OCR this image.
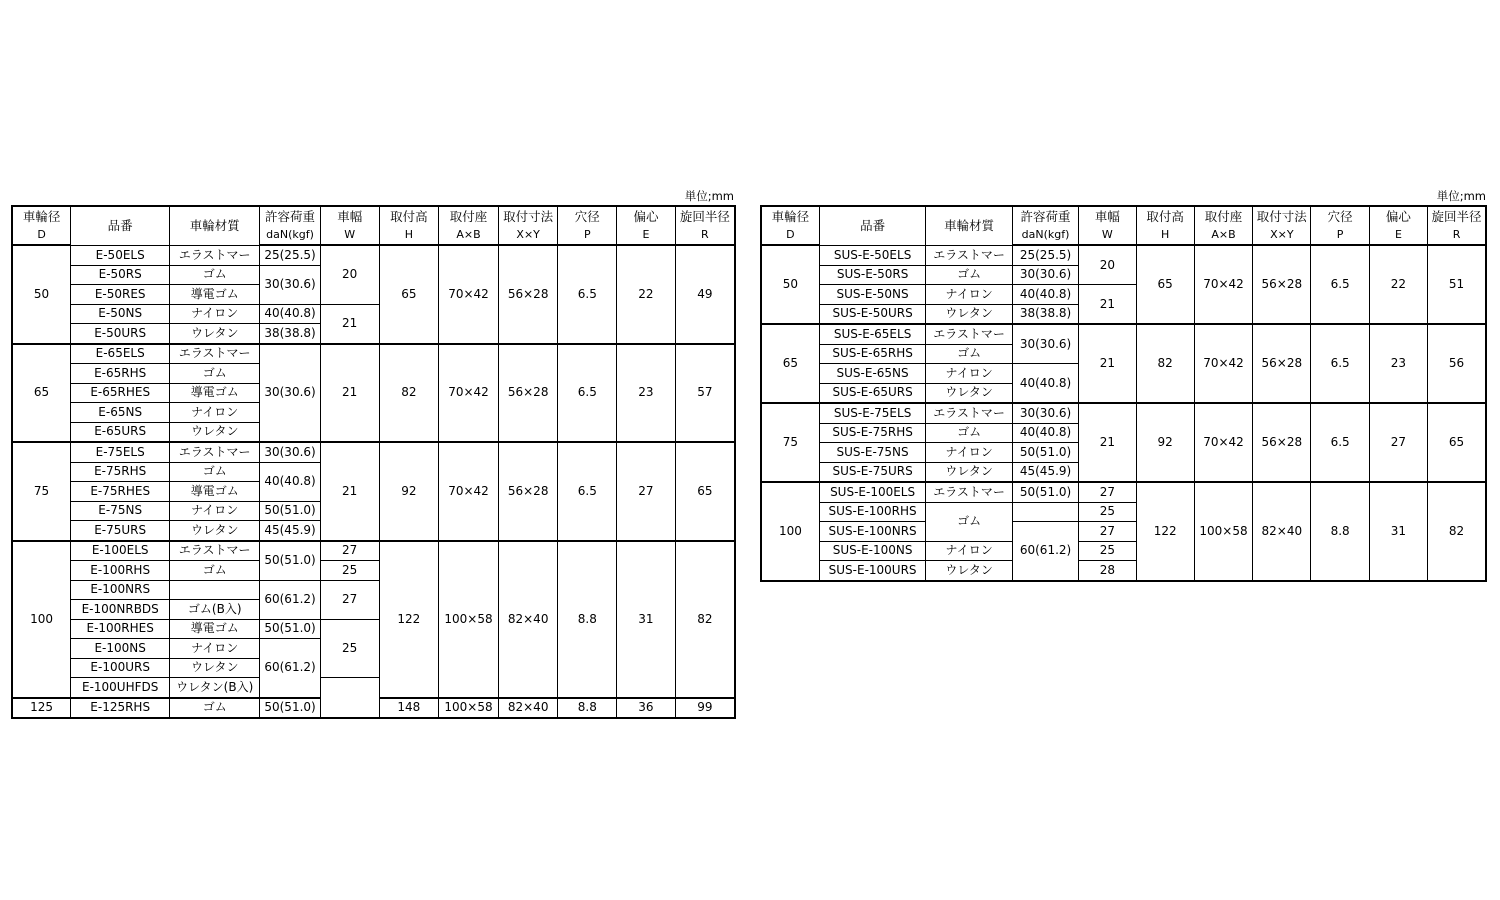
単位;mm
車輪径	品番	車輪材質	許容荷重	車幅	取付高	取付座	取付寸法	穴径	偏心	旋回半径
D			daN(kgf)	W	H	A×B	X×Y	P	E	R
50	E-50ELS	エラストマー	25(25.5)	20	65	70×42	56×28	6.5	22	49
	E-50RS	ゴム	30(30.6)							
	E-50RES	導電ゴム								
	E-50NS	ナイロン	40(40.8)	21						
	E-50URS	ウレタン	38(38.8)							
65	E-65ELS	エラストマー	30(30.6)	21	82	70×42	56×28	6.5	23	57
	E-65RHS	ゴム								
	E-65RHES	導電ゴム								
	E-65NS	ナイロン								
	E-65URS	ウレタン								
75	E-75ELS	エラストマー	30(30.6)	21	92	70×42	56×28	6.5	27	65
	E-75RHS	ゴム	40(40.8)							
	E-75RHES	導電ゴム								
	E-75NS	ナイロン	50(51.0)							
	E-75URS	ウレタン	45(45.9)							
100	E-100ELS	エラストマー	50(51.0)	27	122	100×58	82×40	8.8	31	82
	E-100RHS	ゴム		25						
	E-100NRS		60(61.2)	27						
	E-100NRBDS	ゴム(B入)								
	E-100RHES	導電ゴム	50(51.0)	25						
	E-100NS	ナイロン	60(61.2)							
	E-100URS	ウレタン								
	E-100UHFDS	ウレタン(B入)								
125	E-125RHS	ゴム	50(51.0)		148	100×58	82×40	8.8	36	99
単位;mm
車輪径	品番	車輪材質	許容荷重	車幅	取付高	取付座	取付寸法	穴径	偏心	旋回半径
D			daN(kgf)	W	H	A×B	X×Y	P	E	R
50	SUS-E-50ELS	エラストマー	25(25.5)	20	65	70×42	56×28	6.5	22	51
	SUS-E-50RS	ゴム	30(30.6)							
	SUS-E-50NS	ナイロン	40(40.8)	21						
	SUS-E-50URS	ウレタン	38(38.8)							
65	SUS-E-65ELS	エラストマー	30(30.6)	21	82	70×42	56×28	6.5	23	56
	SUS-E-65RHS	ゴム								
	SUS-E-65NS	ナイロン	40(40.8)							
	SUS-E-65URS	ウレタン								
75	SUS-E-75ELS	エラストマー	30(30.6)	21	92	70×42	56×28	6.5	27	65
	SUS-E-75RHS	ゴム	40(40.8)							
	SUS-E-75NS	ナイロン	50(51.0)							
	SUS-E-75URS	ウレタン	45(45.9)							
100	SUS-E-100ELS	エラストマー	50(51.0)	27	122	100×58	82×40	8.8	31	82
	SUS-E-100RHS	ゴム		25						
	SUS-E-100NRS		60(61.2)	27						
	SUS-E-100NS	ナイロン		25						
	SUS-E-100URS	ウレタン		28						
